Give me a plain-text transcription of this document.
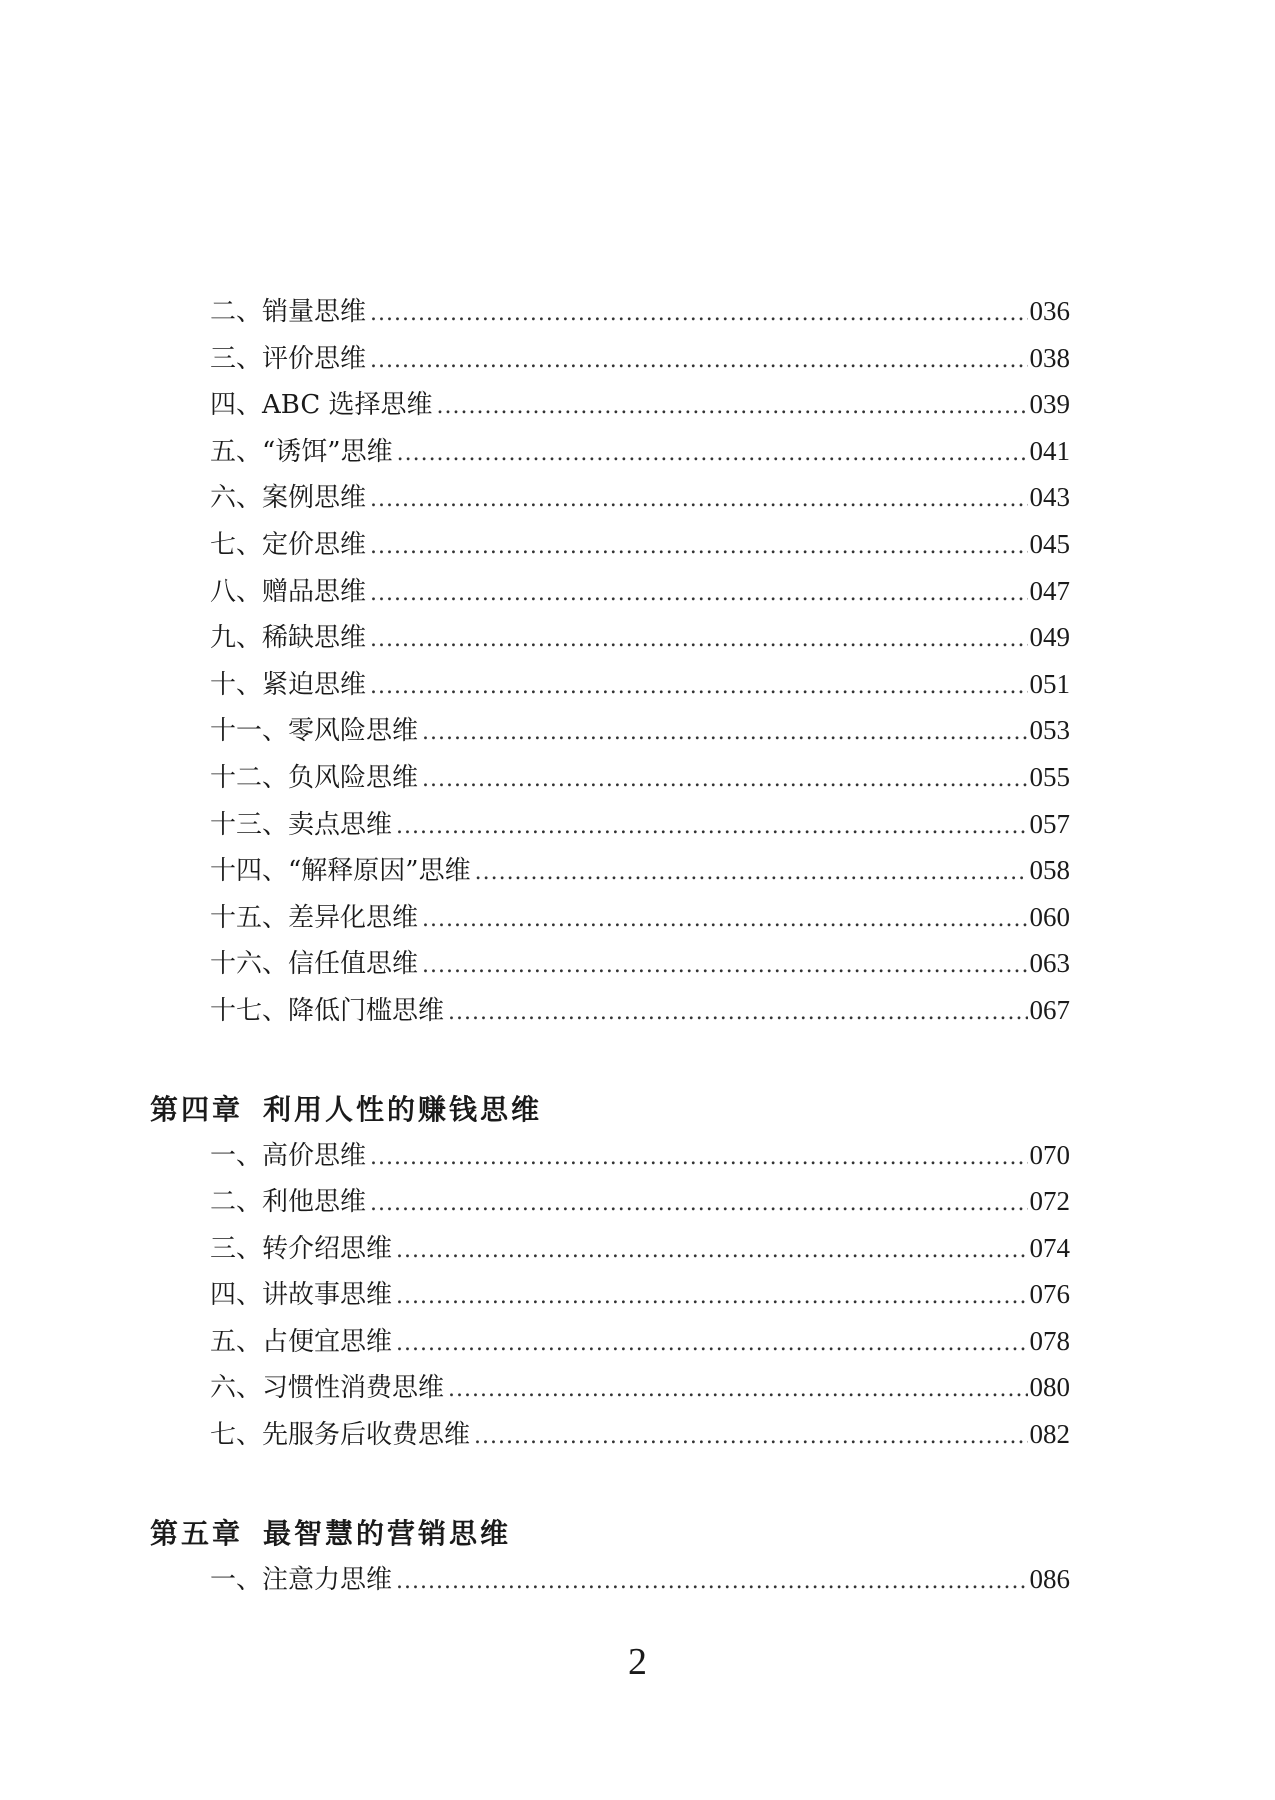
二、销量思维 .....	036
三、评价思维 .....	038
四、ABC 选择思维 .....	039
五、“诱饵”思维 .....	041
六、案例思维 .....	043
七、定价思维 .....	045
八、赠品思维 .....	047
九、稀缺思维 .....	049
十、紧迫思维 .....	051
十一、零风险思维 .....	053
十二、负风险思维 .....	055
十三、卖点思维 .....	057
十四、“解释原因”思维 .....	058
十五、差异化思维 .....	060
十六、信任值思维 .....	063
十七、降低门槛思维 .....	067
第四章 利用人性的赚钱思维
一、高价思维 .....	070
二、利他思维 .....	072
三、转介绍思维 .....	074
四、讲故事思维 .....	076
五、占便宜思维 .....	078
六、习惯性消费思维 .....	080
七、先服务后收费思维 .....	082
第五章 最智慧的营销思维
一、注意力思维 .....	086
2
